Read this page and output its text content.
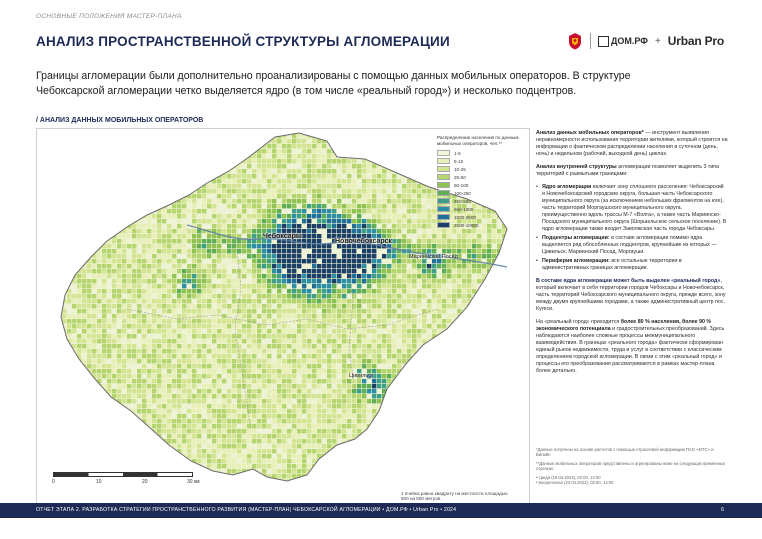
ОСНОВНЫЕ ПОЛОЖЕНИЯ МАСТЕР-ПЛАНА
АНАЛИЗ ПРОСТРАНСТВЕННОЙ СТРУКТУРЫ АГЛОМЕРАЦИИ	ДОМ.РФ + Urban Pro
Границы агломерации были дополнительно проанализированы с помощью данных мобильных операторов. В структуре Чебоксарской агломерации четко выделяется ядро (в том числе «реальный город») и несколько подцентров.
/ АНАЛИЗ ДАННЫХ МОБИЛЬНЫХ ОПЕРАТОРОВ
Чебоксары
Новочебоксарск
Мариинский Посад
Цивильск
Распределение населения по данным мобильных операторов, чел.**
1-5
5-10
10-25
25-50
50-100
100-250
250-500
500-1000
1000-2500
2500-10000
0	10	20	30 км
1 ячейка равна квадрату на местности площадью 500 на 500 метров

Анализ данных мобильных операторов* — инструмент выявления неравномерности использования территории жителями, который строится на информации о фактическом распределении населения в суточном (день, ночь) и недельном (рабочий, выходной день) циклах.

Анализ внутренней структуры агломерации позволяет выделить 3 типа территорий с размытыми границами:

• Ядро агломерации включает зону сплошного расселения: Чебоксарский и Новочебоксарский городские округа, большая часть Чебоксарского муниципального округа (за исключением небольших фрагментов на юге), часть территорий Моргаушского муниципального округа, преимущественно вдоль трассы М-7 «Волга», а также часть Мариинско-Посадского муниципального округа (Шоршельское сельское поселение). В ядро агломерации также входит Заволжская часть города Чебоксары.
• Подцентры агломерации: в составе агломерации помимо ядра выделяется ряд обособленных подцентров, крупнейшие из которых — Цивильск, Мариинский Посад, Моргауши.
• Периферия агломерации: все остальные территории в административных границах агломерации.

В составе ядра агломерации может быть выделен «реальный город», который включает в себя территории городов Чебоксары и Новочебоксарск, часть территорий Чебоксарского муниципального округа, прежде всего, зону между двумя крупнейшими городами, а также административный центр пос. Кугеси.

На «реальный город» приходится более 80 % населения, более 90 % экономического потенциала и градостроительных преобразований. Здесь наблюдаются наиболее сложные процессы межмуниципального взаимодействия. В границах «реального города» фактически сформирован единый рынок недвижимости, труда и услуг в соответствии с классическим определением городской агломерации. В связи с этим «реальный город» и процессы его преобразования рассматриваются в рамках мастер-плана более детально.

*Данные получены на основе расчетов с помощью отраслевой информации ПАО «МТС» и Билайн

**Данные мобильных операторов представлены и агрегированы ниже на следующих временных отрезках:

• среда (19.04.2023), 02:00, 14:00

• воскресенье (23.04.2023), 02:00, 14:00

ОТЧЕТ ЭТАПА 2. РАЗРАБОТКА СТРАТЕГИИ ПРОСТРАНСТВЕННОГО РАЗВИТИЯ (МАСТЕР-ПЛАН) ЧЕБОКСАРСКОЙ АГЛОМЕРАЦИИ • ДОМ.РФ • Urban Pro • 2024	6
